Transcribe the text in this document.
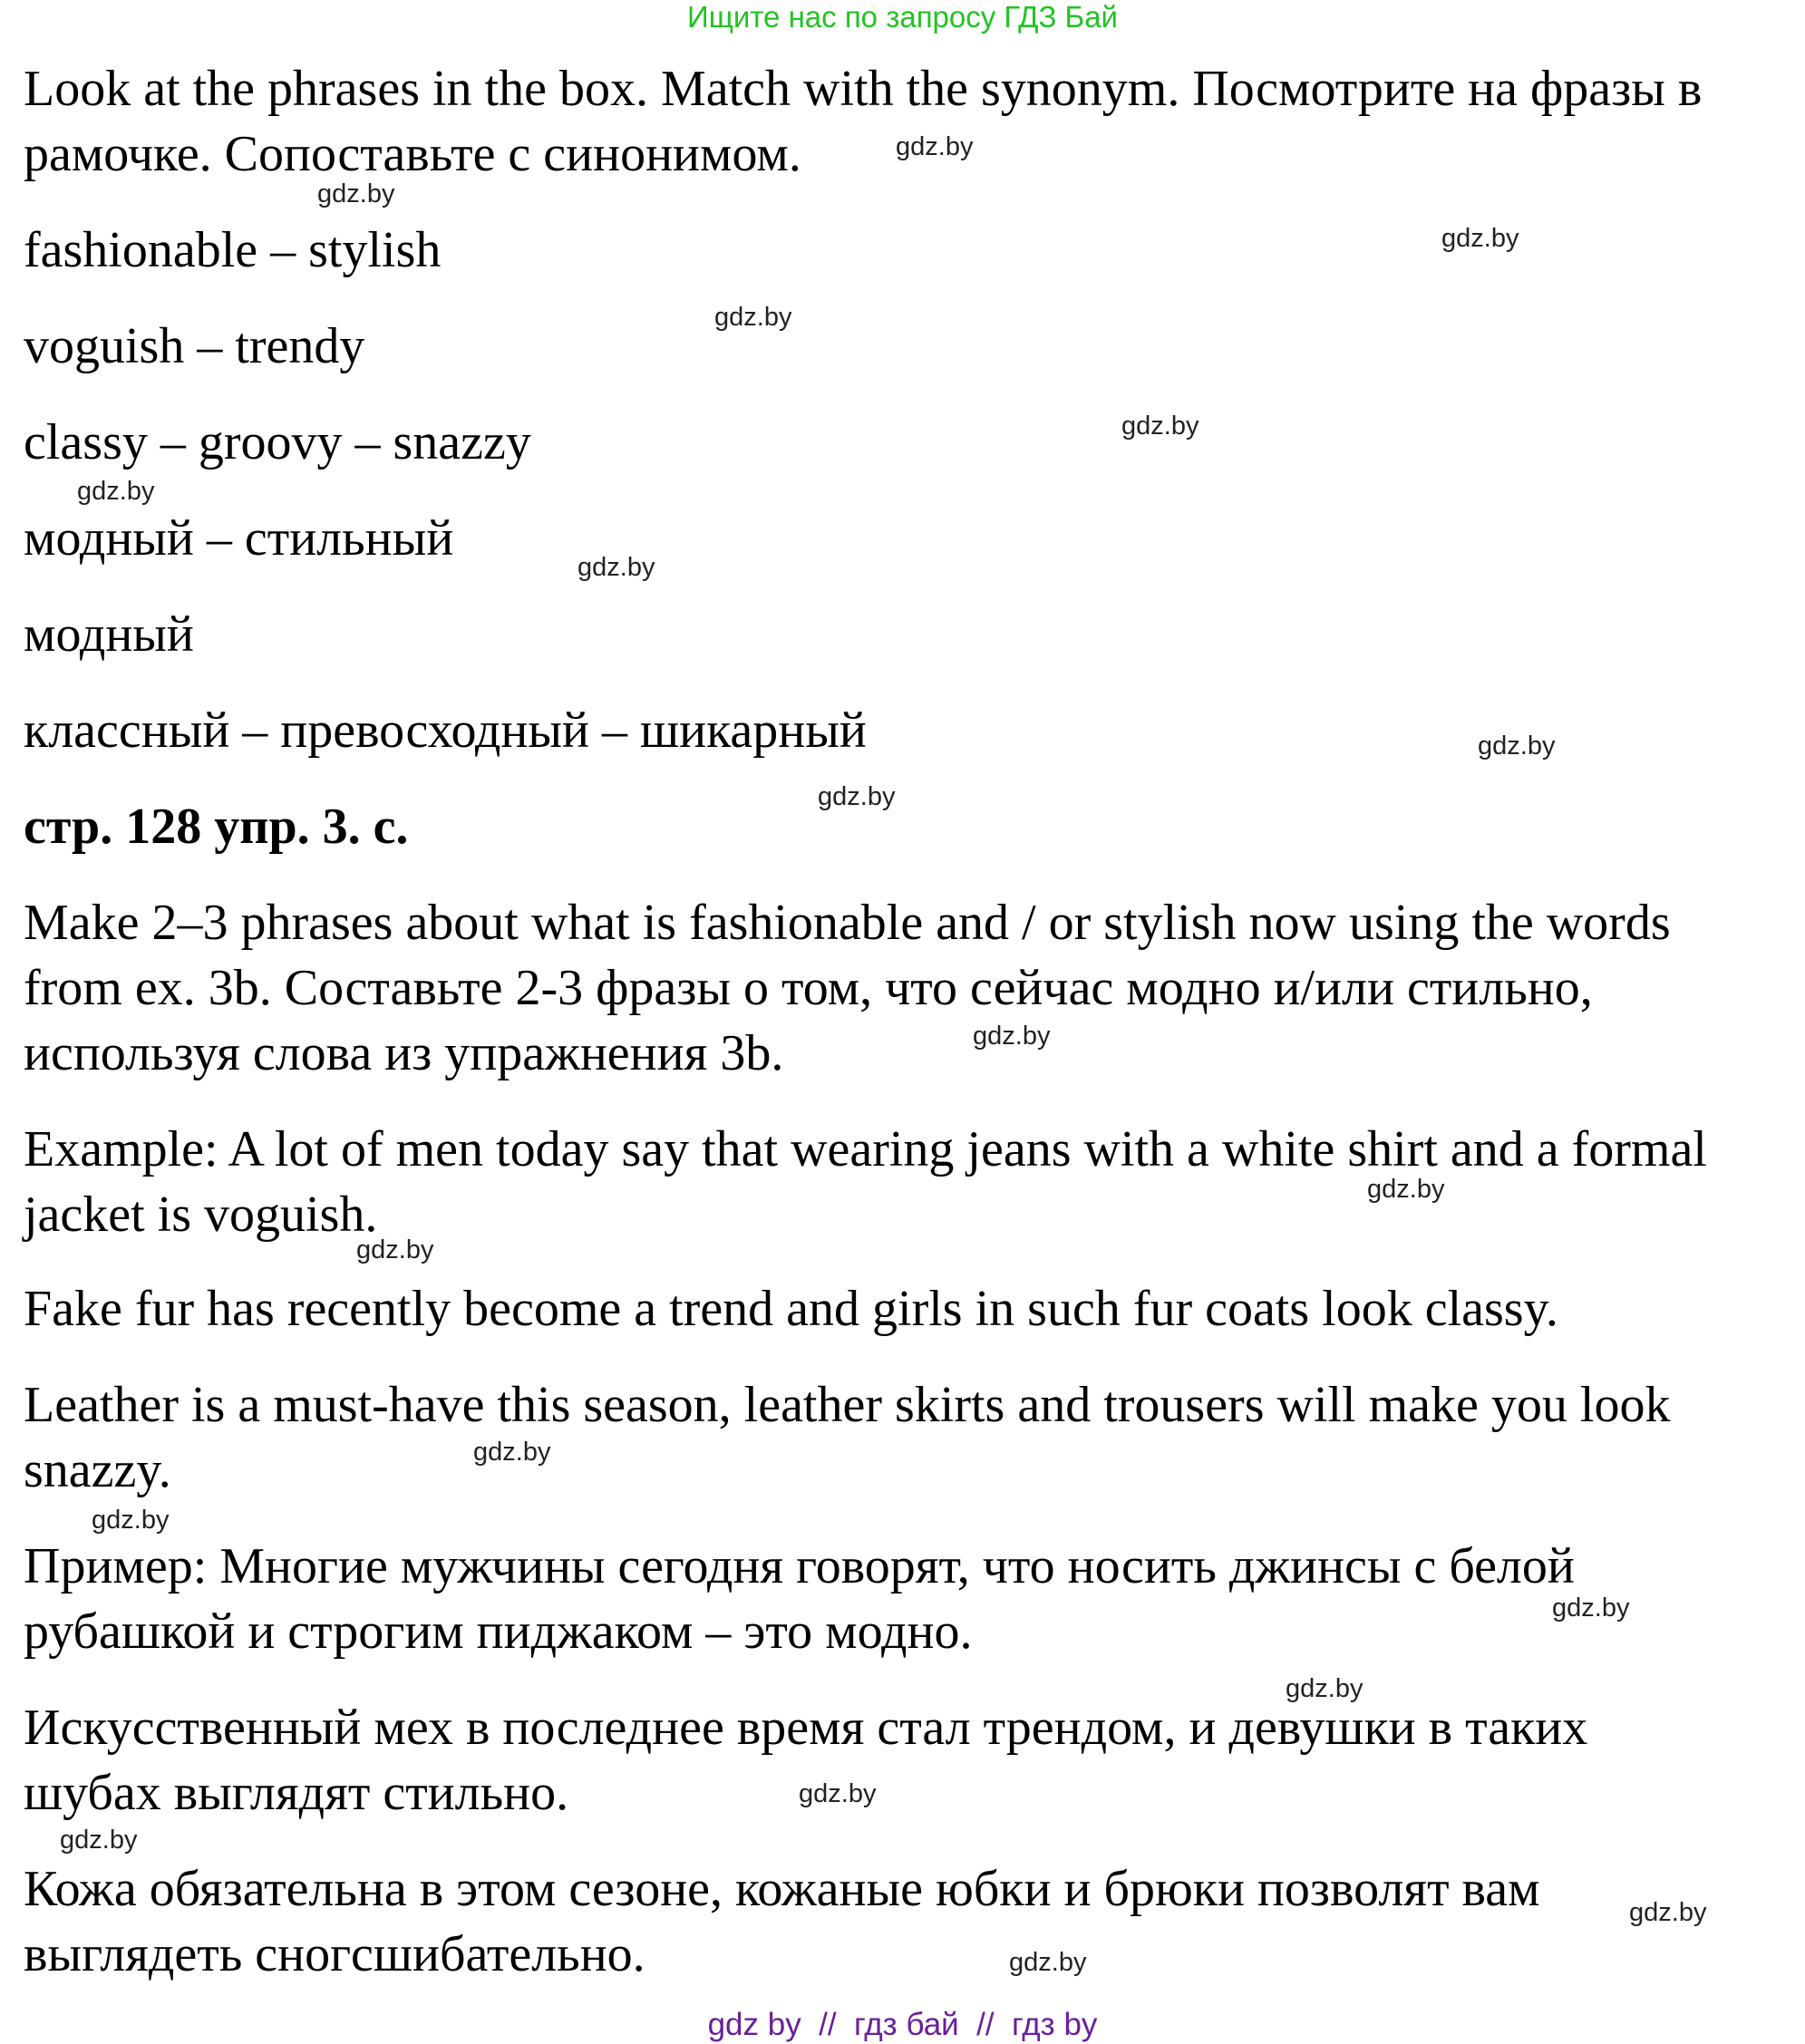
Ищите нас по запросу ГДЗ Бай
Look at the phrases in the box. Match with the synonym. Посмотрите на фразы в
рамочке. Сопоставьте с синонимом.
fashionable – stylish
voguish – trendy
classy – groovy – snazzy
модный – стильный
модный
классный – превосходный – шикарный
стр. 128 упр. 3. с.
Make 2–3 phrases about what is fashionable and / or stylish now using the words
from ex. 3b. Составьте 2-3 фразы о том, что сейчас модно и/или стильно,
используя слова из упражнения 3b.
Example: A lot of men today say that wearing jeans with a white shirt and a formal
jacket is voguish.
Fake fur has recently become a trend and girls in such fur coats look classy.
Leather is a must-have this season, leather skirts and trousers will make you look
snazzy.
Пример: Многие мужчины сегодня говорят, что носить джинсы с белой
рубашкой и строгим пиджаком – это модно.
Искусственный мех в последнее время стал трендом, и девушки в таких
шубах выглядят стильно.
Кожа обязательна в этом сезоне, кожаные юбки и брюки позволят вам
выглядеть сногсшибательно.
gdz.by
gdz.by
gdz.by
gdz.by
gdz.by
gdz.by
gdz.by
gdz.by
gdz.by
gdz.by
gdz.by
gdz.by
gdz.by
gdz.by
gdz.by
gdz.by
gdz.by
gdz.by
gdz.by
gdz.by
gdz by  //  гдз бай  //  гдз by
